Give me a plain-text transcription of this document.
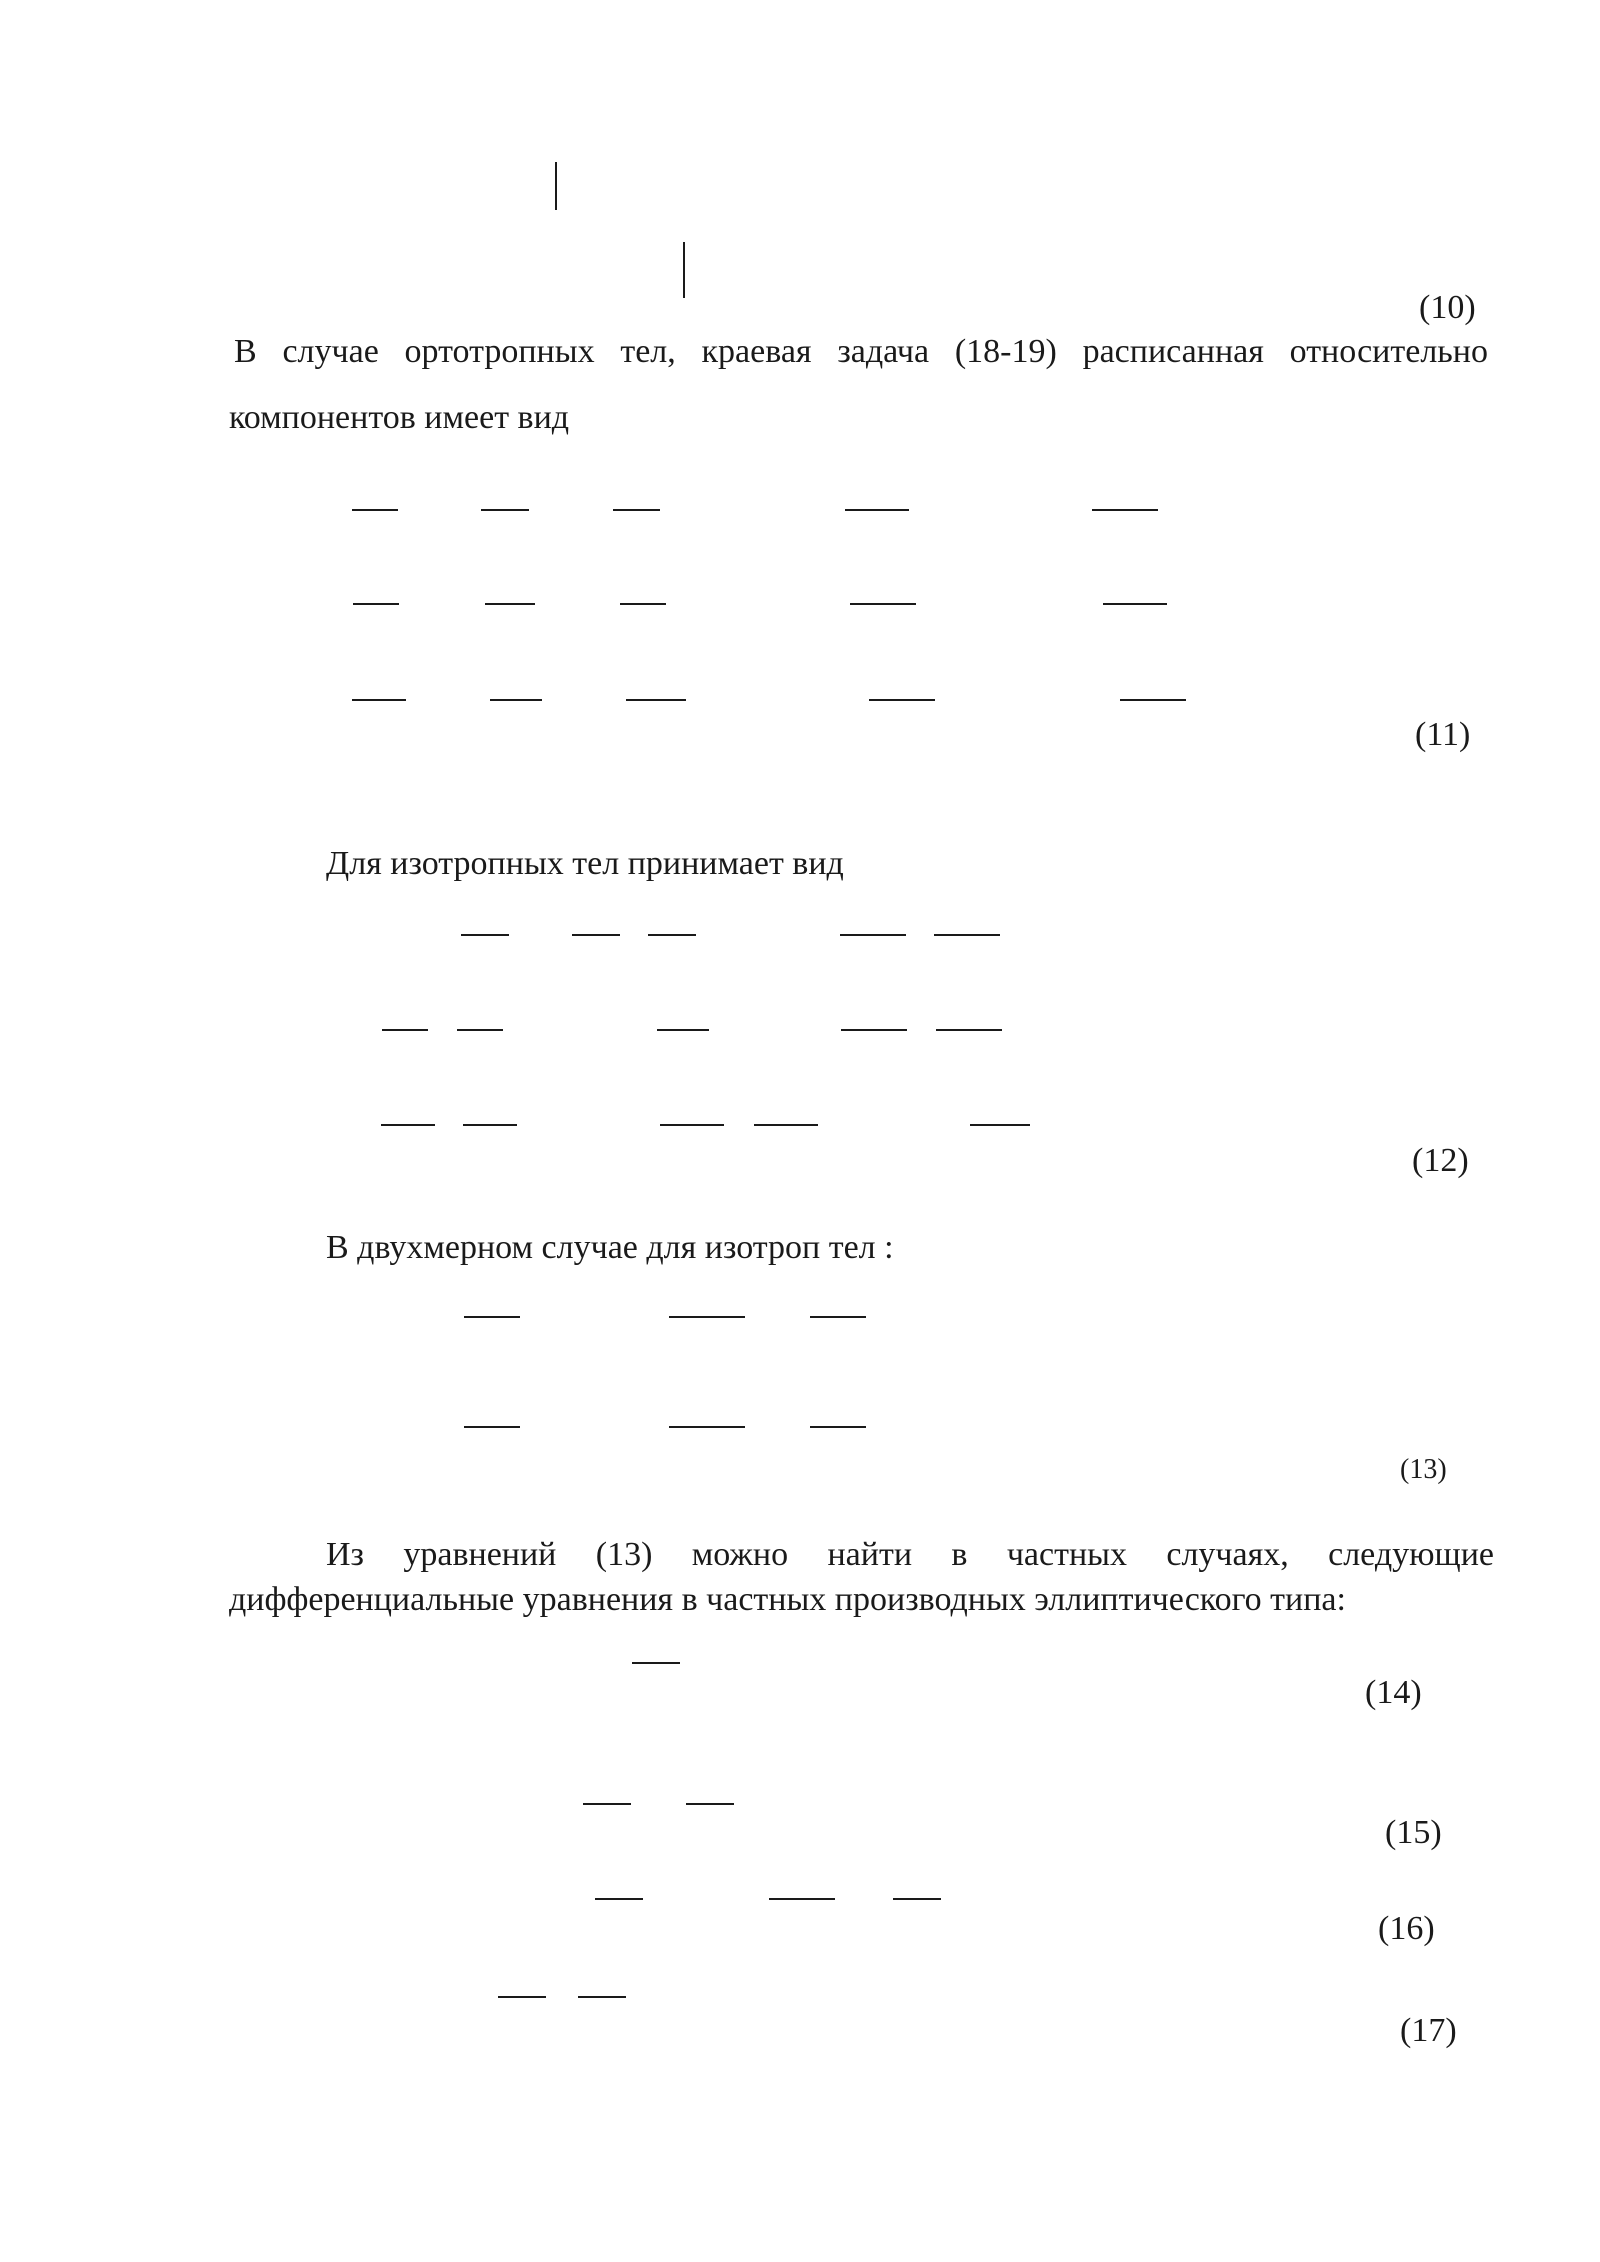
(10)

В случае ортотропных тел, краевая задача (18-19) расписанная относительно

компонентов имеет вид

(11)

Для изотропных тел принимает вид

(12)

В двухмерном случае для изотроп тел :

(13)

Из уравнений (13) можно найти в частных случаях, следующие

дифференциальные уравнения в частных производных эллиптического типа:

(14)
(15)
(16)
(17)
